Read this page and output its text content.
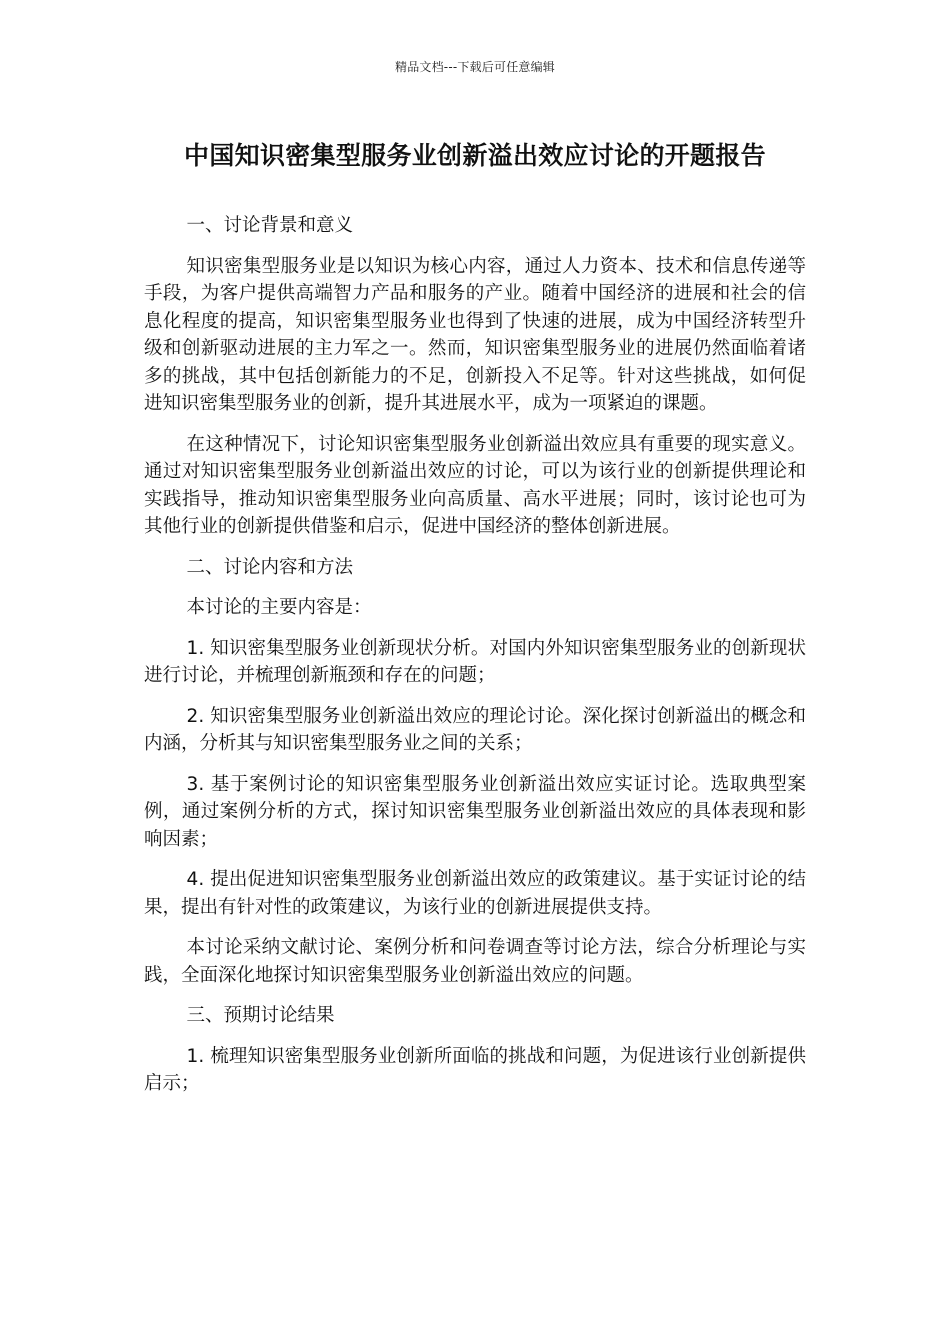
精品文档---下载后可任意编辑
中国知识密集型服务业创新溢出效应讨论的开题报告

一、讨论背景和意义

知识密集型服务业是以知识为核心内容，通过人力资本、技术和信息传递等手段，为客户提供高端智力产品和服务的产业。随着中国经济的进展和社会的信息化程度的提高，知识密集型服务业也得到了快速的进展，成为中国经济转型升级和创新驱动进展的主力军之一。然而，知识密集型服务业的进展仍然面临着诸多的挑战，其中包括创新能力的不足，创新投入不足等。针对这些挑战，如何促进知识密集型服务业的创新，提升其进展水平，成为一项紧迫的课题。

在这种情况下，讨论知识密集型服务业创新溢出效应具有重要的现实意义。通过对知识密集型服务业创新溢出效应的讨论，可以为该行业的创新提供理论和实践指导，推动知识密集型服务业向高质量、高水平进展；同时，该讨论也可为其他行业的创新提供借鉴和启示，促进中国经济的整体创新进展。

二、讨论内容和方法

本讨论的主要内容是：

1. 知识密集型服务业创新现状分析。对国内外知识密集型服务业的创新现状进行讨论，并梳理创新瓶颈和存在的问题；

2. 知识密集型服务业创新溢出效应的理论讨论。深化探讨创新溢出的概念和内涵，分析其与知识密集型服务业之间的关系；

3. 基于案例讨论的知识密集型服务业创新溢出效应实证讨论。选取典型案例，通过案例分析的方式，探讨知识密集型服务业创新溢出效应的具体表现和影响因素；

4. 提出促进知识密集型服务业创新溢出效应的政策建议。基于实证讨论的结果，提出有针对性的政策建议，为该行业的创新进展提供支持。

本讨论采纳文献讨论、案例分析和问卷调查等讨论方法，综合分析理论与实践，全面深化地探讨知识密集型服务业创新溢出效应的问题。

三、预期讨论结果

1. 梳理知识密集型服务业创新所面临的挑战和问题，为促进该行业创新提供启示；
